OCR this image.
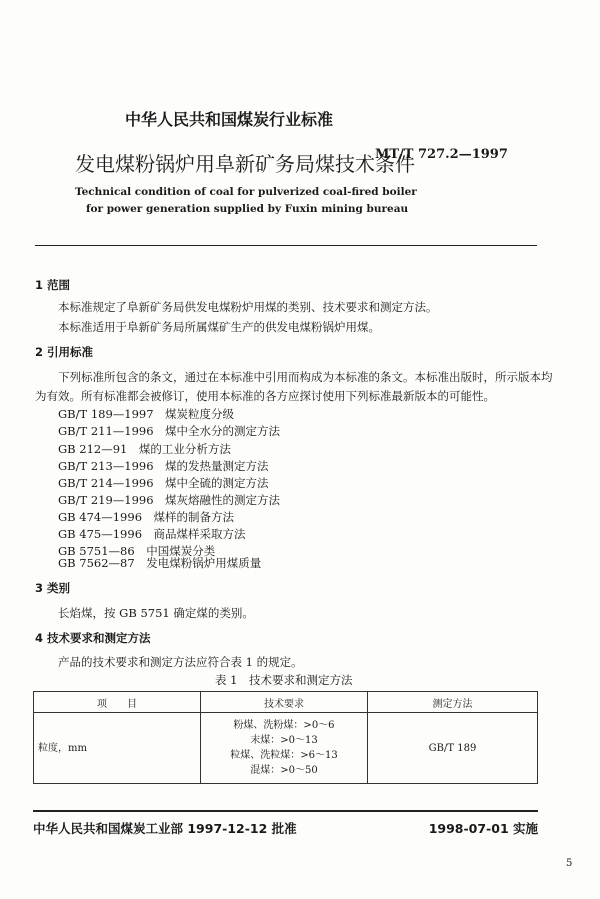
中华人民共和国煤炭行业标准
发电煤粉锅炉用阜新矿务局煤技术条件
MT/T 727.2—1997
Technical condition of coal for pulverized coal-fired boiler
for power generation supplied by Fuxin mining bureau
1 范围
本标准规定了阜新矿务局供发电煤粉炉用煤的类别、技术要求和测定方法。
本标准适用于阜新矿务局所属煤矿生产的供发电煤粉锅炉用煤。
2 引用标准
下列标准所包含的条文，通过在本标准中引用而构成为本标准的条文。本标准出版时，所示版本均
为有效。所有标准都会被修订，使用本标准的各方应探讨使用下列标准最新版本的可能性。
GB/T 189—1997　煤炭粒度分级
GB/T 211—1996　煤中全水分的测定方法
GB 212—91　煤的工业分析方法
GB/T 213—1996　煤的发热量测定方法
GB/T 214—1996　煤中全硫的测定方法
GB/T 219—1996　煤灰熔融性的测定方法
GB 474—1996　煤样的制备方法
GB 475—1996　商品煤样采取方法
GB 5751—86　中国煤炭分类
GB 7562—87　发电煤粉锅炉用煤质量
3 类别
长焰煤，按 GB 5751 确定煤的类别。
4 技术要求和测定方法
产品的技术要求和测定方法应符合表 1 的规定。
表 1　技术要求和测定方法
项　　目	技术要求	测定方法
粒度，mm	粉煤、洗粉煤：>0～6
末煤：>0～13
粒煤、洗粒煤：>6～13
混煤：>0～50	GB/T 189
中华人民共和国煤炭工业部 1997-12-12 批准	1998-07-01 实施
5
